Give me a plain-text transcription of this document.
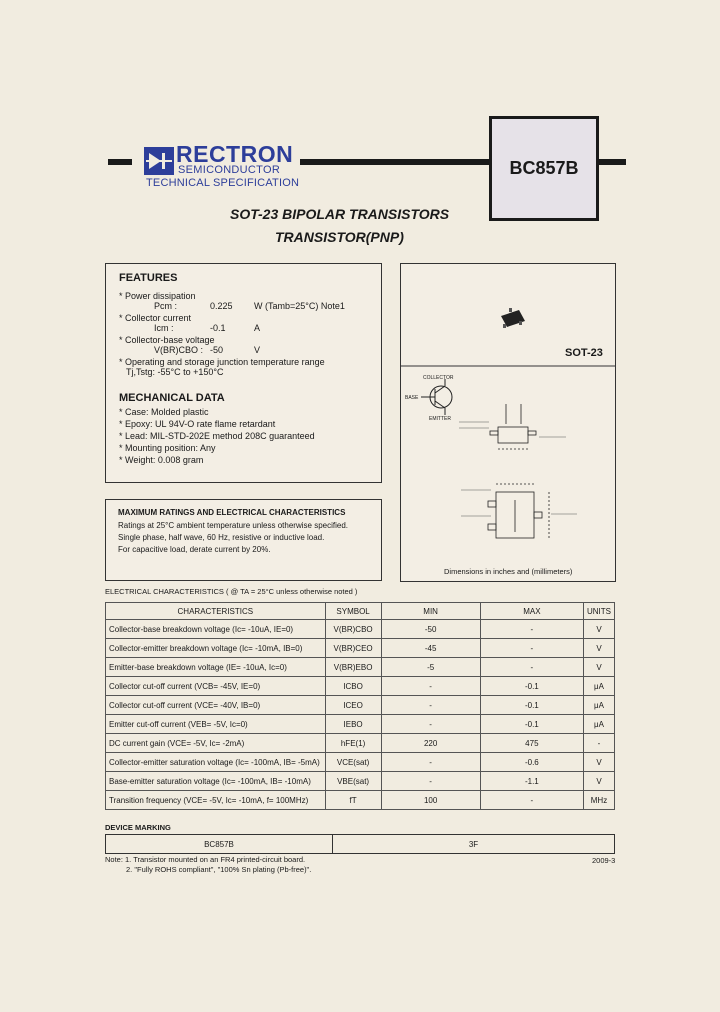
RECTRON
SEMICONDUCTOR
TECHNICAL SPECIFICATION
BC857B
SOT-23 BIPOLAR TRANSISTORS
TRANSISTOR(PNP)
FEATURES
* Power dissipation
Pcm :	0.225 W (Tamb=25°C) Note1
* Collector current
Icm :	-0.1	A
* Collector-base voltage
V(BR)CBO : -50	V
* Operating and storage junction temperature range
Tj,Tstg: -55°C to +150°C
MECHANICAL DATA
* Case: Molded plastic
* Epoxy: UL 94V-O rate flame retardant
* Lead: MIL-STD-202E method 208C guaranteed
* Mounting position: Any
* Weight: 0.008 gram
MAXIMUM RATINGS AND ELECTRICAL CHARACTERISTICS
Ratings at 25°C ambient temperature unless otherwise specified.
Single phase, half wave, 60 Hz, resistive or inductive load.
For capacitive load, derate current by 20%.
SOT-23
COLLECTOR
BASE
EMITTER
Dimensions in inches and (millimeters)
ELECTRICAL CHARACTERISTICS ( @ TA = 25°C unless otherwise noted )
CHARACTERISTICS	SYMBOL	MIN	MAX	UNITS
Collector-base breakdown voltage (Ic= -10uA, IE=0)	V(BR)CBO	-50	-	V
Collector-emitter breakdown voltage (Ic= -10mA, IB=0)	V(BR)CEO	-45	-	V
Emitter-base breakdown voltage (IE= -10uA, Ic=0)	V(BR)EBO	-5	-	V
Collector cut-off current (VCB= -45V, IE=0)	ICBO	-	-0.1	μA
Collector cut-off current (VCE= -40V, IB=0)	ICEO	-	-0.1	μA
Emitter cut-off current (VEB= -5V, Ic=0)	IEBO	-	-0.1	μA
DC current gain (VCE= -5V, Ic= -2mA)	hFE(1)	220	475	-
Collector-emitter saturation voltage (Ic= -100mA, IB= -5mA)	VCE(sat)	-	-0.6	V
Base-emitter saturation voltage (Ic= -100mA, IB= -10mA)	VBE(sat)	-	-1.1	V
Transition frequency (VCE= -5V, Ic= -10mA, f= 100MHz)	fT	100	-	MHz
DEVICE MARKING
BC857B	3F
Note: 1. Transistor mounted on an FR4 printed-circuit board.
2. "Fully ROHS compliant", "100% Sn plating (Pb-free)".
2009-3
